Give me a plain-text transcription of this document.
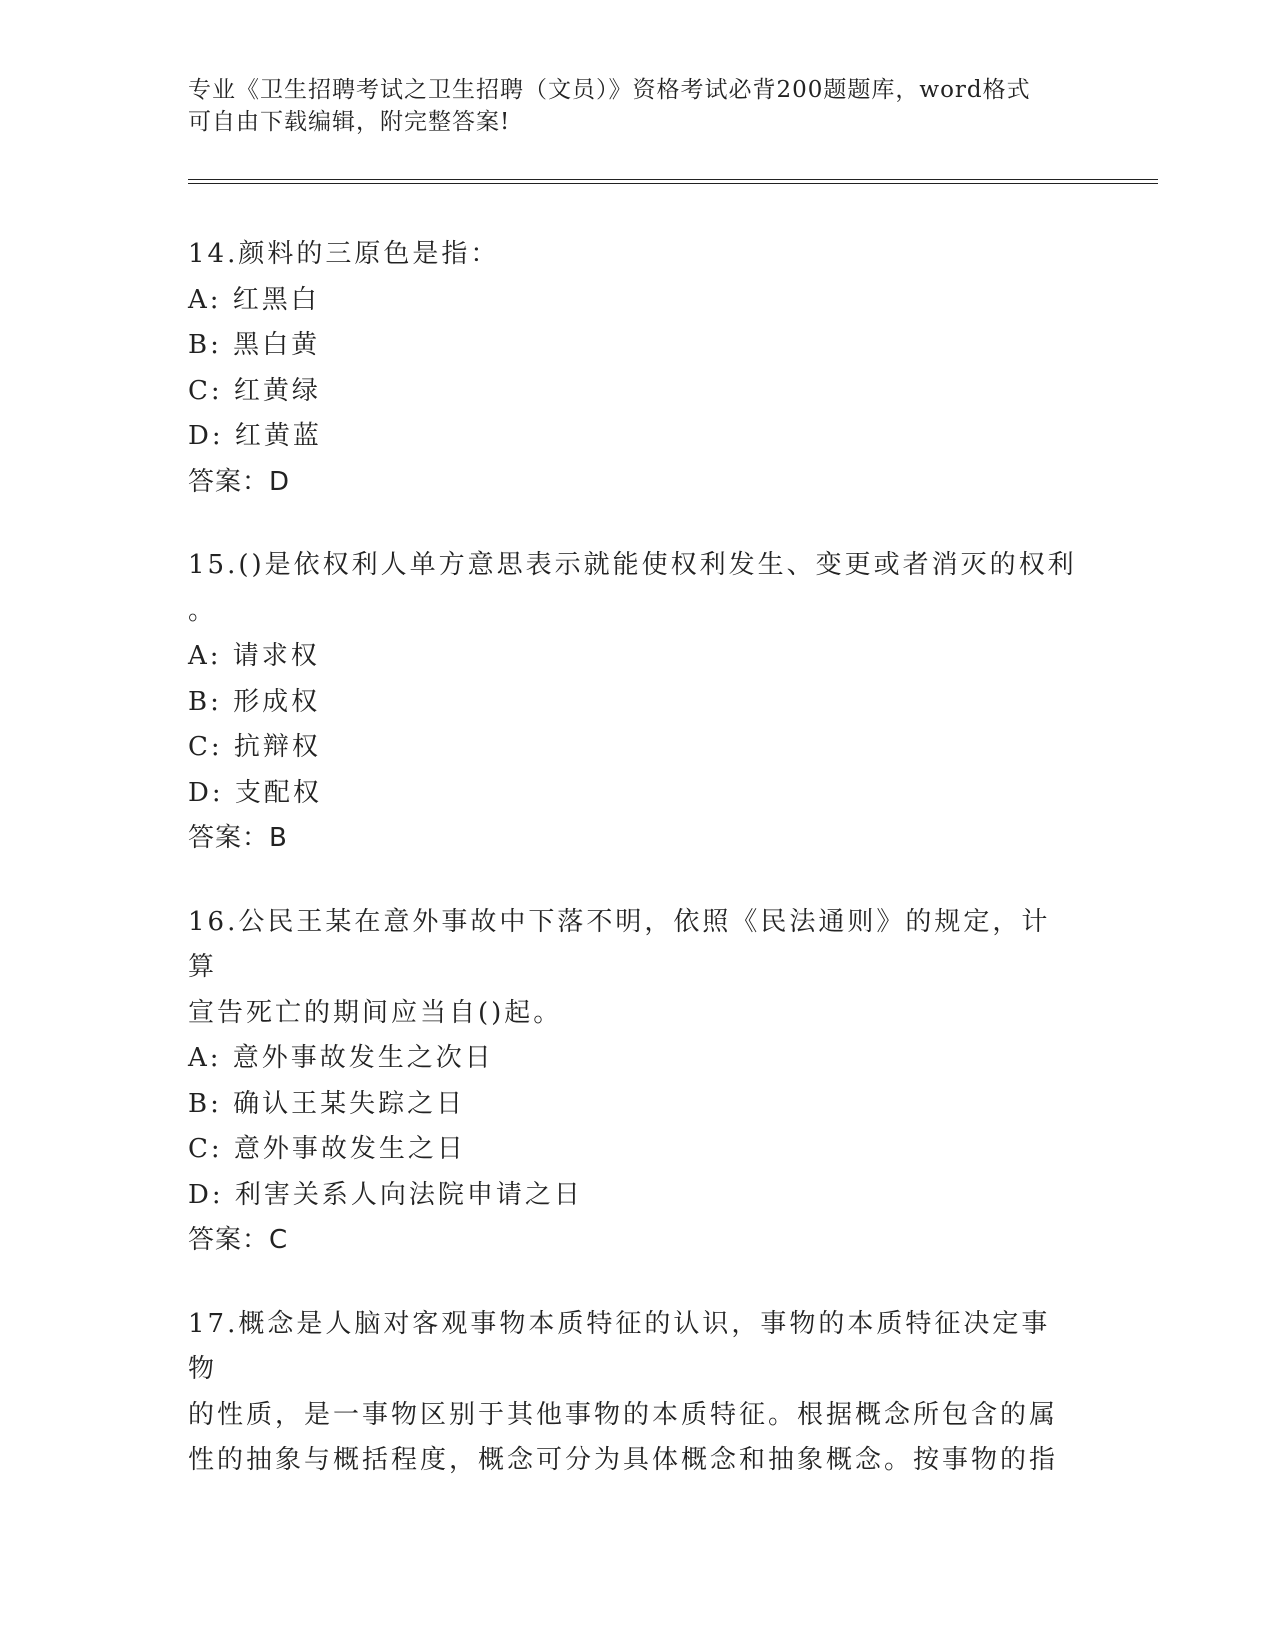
专业《卫生招聘考试之卫生招聘（文员）》资格考试必背200题题库，word格式
可自由下载编辑，附完整答案!

14.颜料的三原色是指：

A: 红黑白

B: 黑白黄

C: 红黄绿

D: 红黄蓝

答案：D

15.()是依权利人单方意思表示就能使权利发生、变更或者消灭的权利

。

A: 请求权

B: 形成权

C: 抗辩权

D: 支配权

答案：B

16.公民王某在意外事故中下落不明，依照《民法通则》的规定，计算

宣告死亡的期间应当自()起。

A: 意外事故发生之次日

B: 确认王某失踪之日

C: 意外事故发生之日

D: 利害关系人向法院申请之日

答案：C

17.概念是人脑对客观事物本质特征的认识，事物的本质特征决定事物

的性质，是一事物区别于其他事物的本质特征。根据概念所包含的属

性的抽象与概括程度，概念可分为具体概念和抽象概念。按事物的指
